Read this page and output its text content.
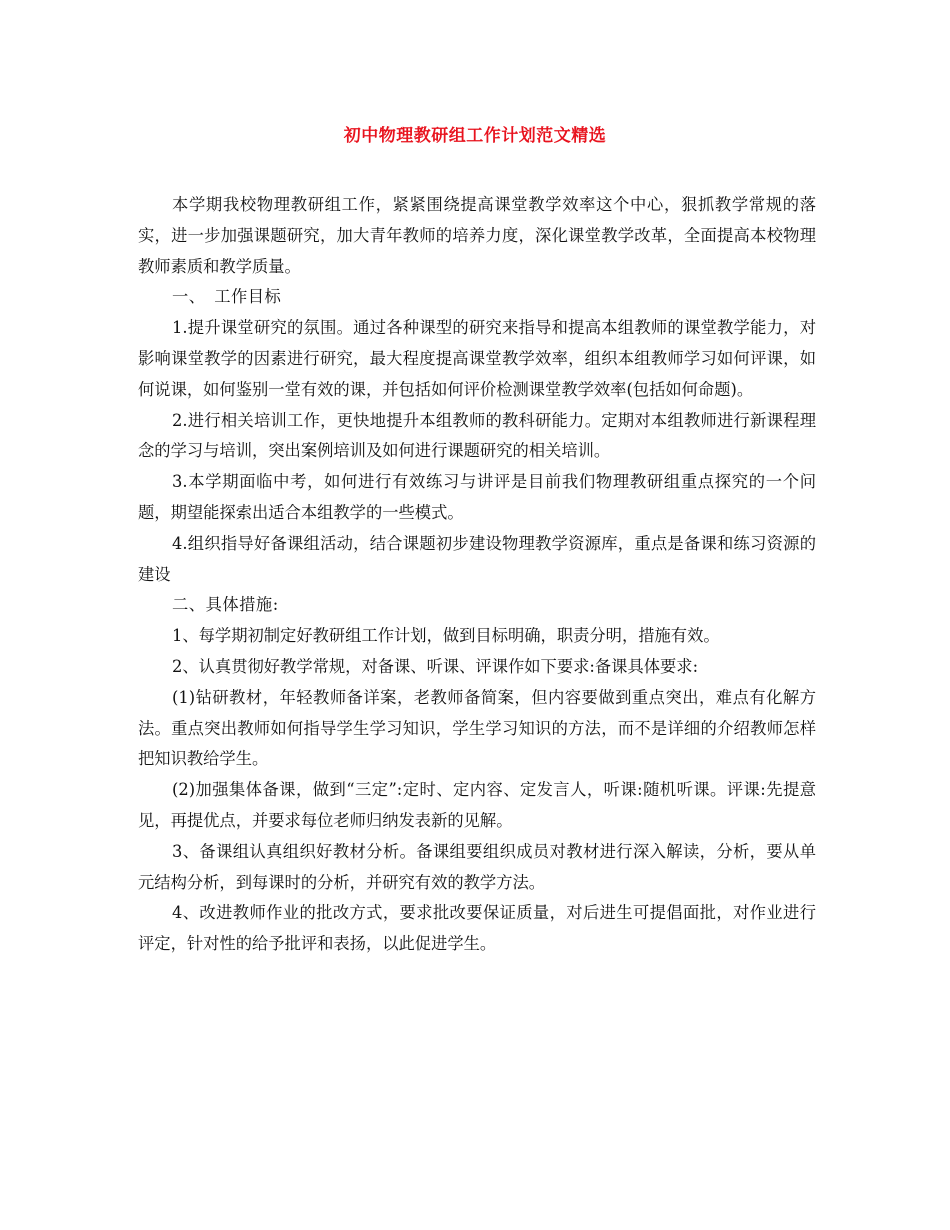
初中物理教研组工作计划范文精选

本学期我校物理教研组工作，紧紧围绕提高课堂教学效率这个中心，狠抓教学常规的落实，进一步加强课题研究，加大青年教师的培养力度，深化课堂教学改革，全面提高本校物理教师素质和教学质量。

一、　工作目标

1.提升课堂研究的氛围。通过各种课型的研究来指导和提高本组教师的课堂教学能力，对影响课堂教学的因素进行研究，最大程度提高课堂教学效率，组织本组教师学习如何评课，如何说课，如何鉴别一堂有效的课，并包括如何评价检测课堂教学效率(包括如何命题)。

2.进行相关培训工作，更快地提升本组教师的教科研能力。定期对本组教师进行新课程理念的学习与培训，突出案例培训及如何进行课题研究的相关培训。

3.本学期面临中考，如何进行有效练习与讲评是目前我们物理教研组重点探究的一个问题，期望能探索出适合本组教学的一些模式。

4.组织指导好备课组活动，结合课题初步建设物理教学资源库，重点是备课和练习资源的建设

二、具体措施:

1、每学期初制定好教研组工作计划，做到目标明确，职责分明，措施有效。

2、认真贯彻好教学常规，对备课、听课、评课作如下要求:备课具体要求:

(1)钻研教材，年轻教师备详案，老教师备简案，但内容要做到重点突出，难点有化解方法。重点突出教师如何指导学生学习知识，学生学习知识的方法，而不是详细的介绍教师怎样把知识教给学生。

(2)加强集体备课，做到“三定”:定时、定内容、定发言人，听课:随机听课。评课:先提意见，再提优点，并要求每位老师归纳发表新的见解。

3、备课组认真组织好教材分析。备课组要组织成员对教材进行深入解读，分析，要从单元结构分析，到每课时的分析，并研究有效的教学方法。

4、改进教师作业的批改方式，要求批改要保证质量，对后进生可提倡面批，对作业进行评定，针对性的给予批评和表扬，以此促进学生。
